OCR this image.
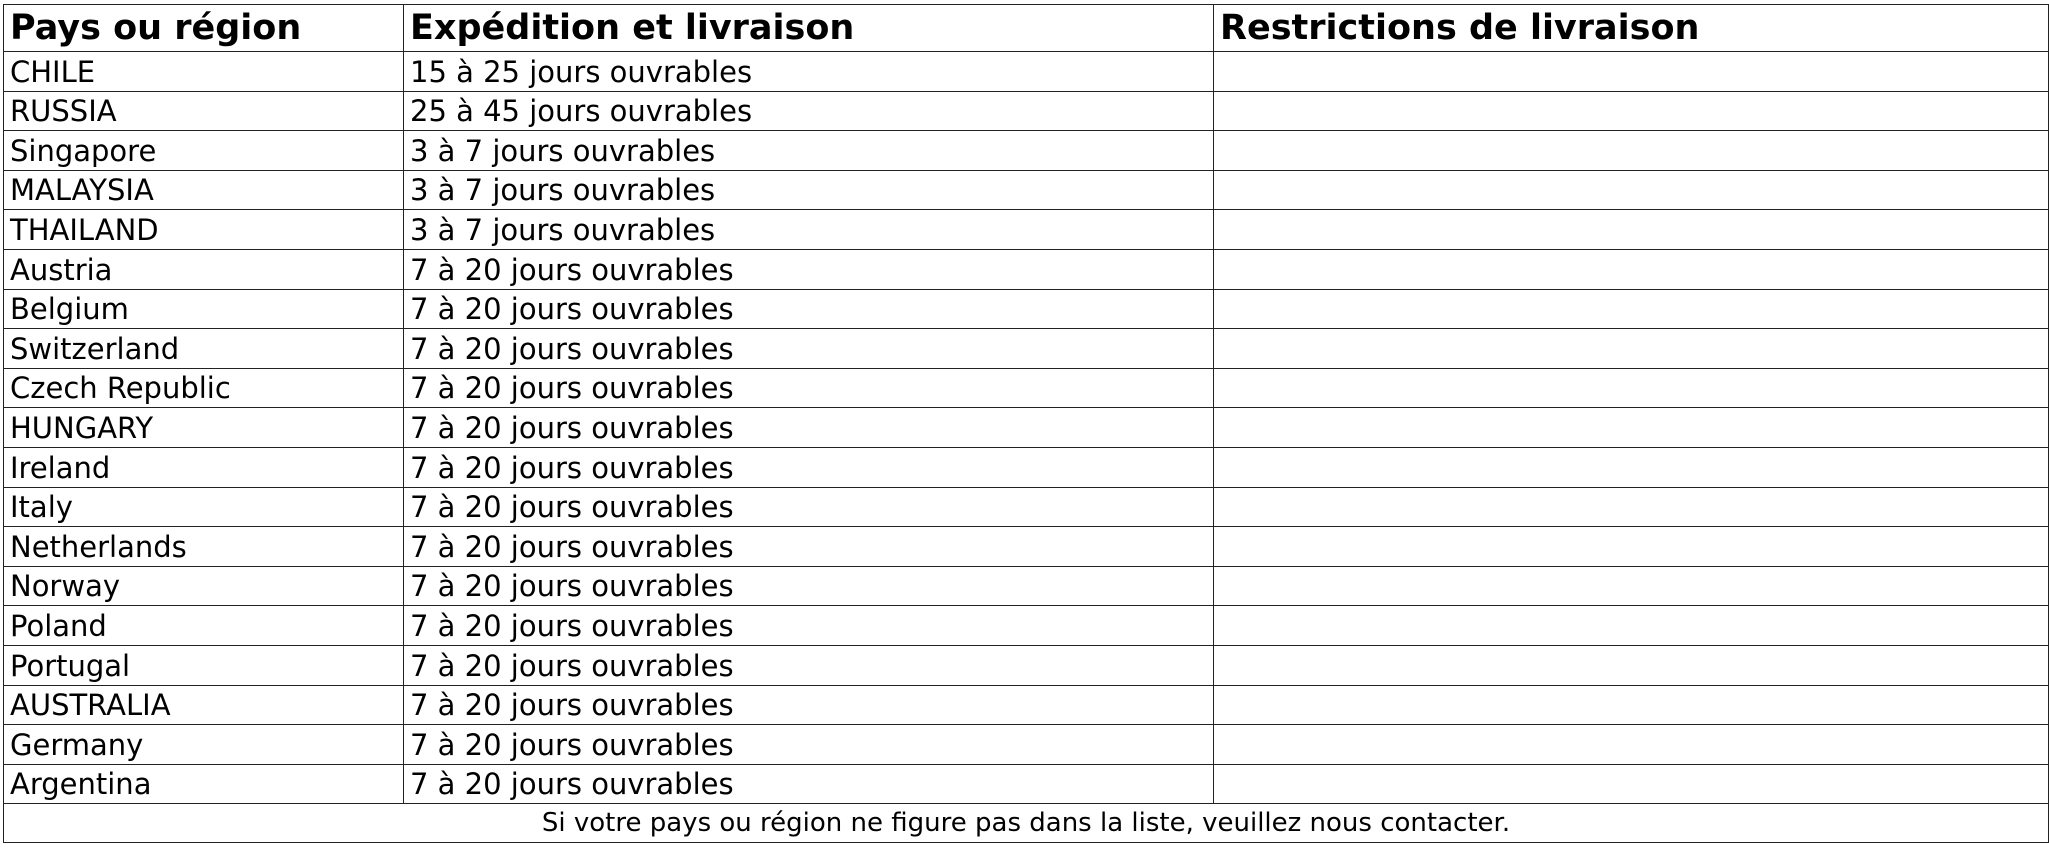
Pays ou région	Expédition et livraison	Restrictions de livraison
CHILE	15 à 25 jours ouvrables	
RUSSIA	25 à 45 jours ouvrables	
Singapore	3 à 7 jours ouvrables	
MALAYSIA	3 à 7 jours ouvrables	
THAILAND	3 à 7 jours ouvrables	
Austria	7 à 20 jours ouvrables	
Belgium	7 à 20 jours ouvrables	
Switzerland	7 à 20 jours ouvrables	
Czech Republic	7 à 20 jours ouvrables	
HUNGARY	7 à 20 jours ouvrables	
Ireland	7 à 20 jours ouvrables	
Italy	7 à 20 jours ouvrables	
Netherlands	7 à 20 jours ouvrables	
Norway	7 à 20 jours ouvrables	
Poland	7 à 20 jours ouvrables	
Portugal	7 à 20 jours ouvrables	
AUSTRALIA	7 à 20 jours ouvrables	
Germany	7 à 20 jours ouvrables	
Argentina	7 à 20 jours ouvrables	
Si votre pays ou région ne figure pas dans la liste, veuillez nous contacter.		
